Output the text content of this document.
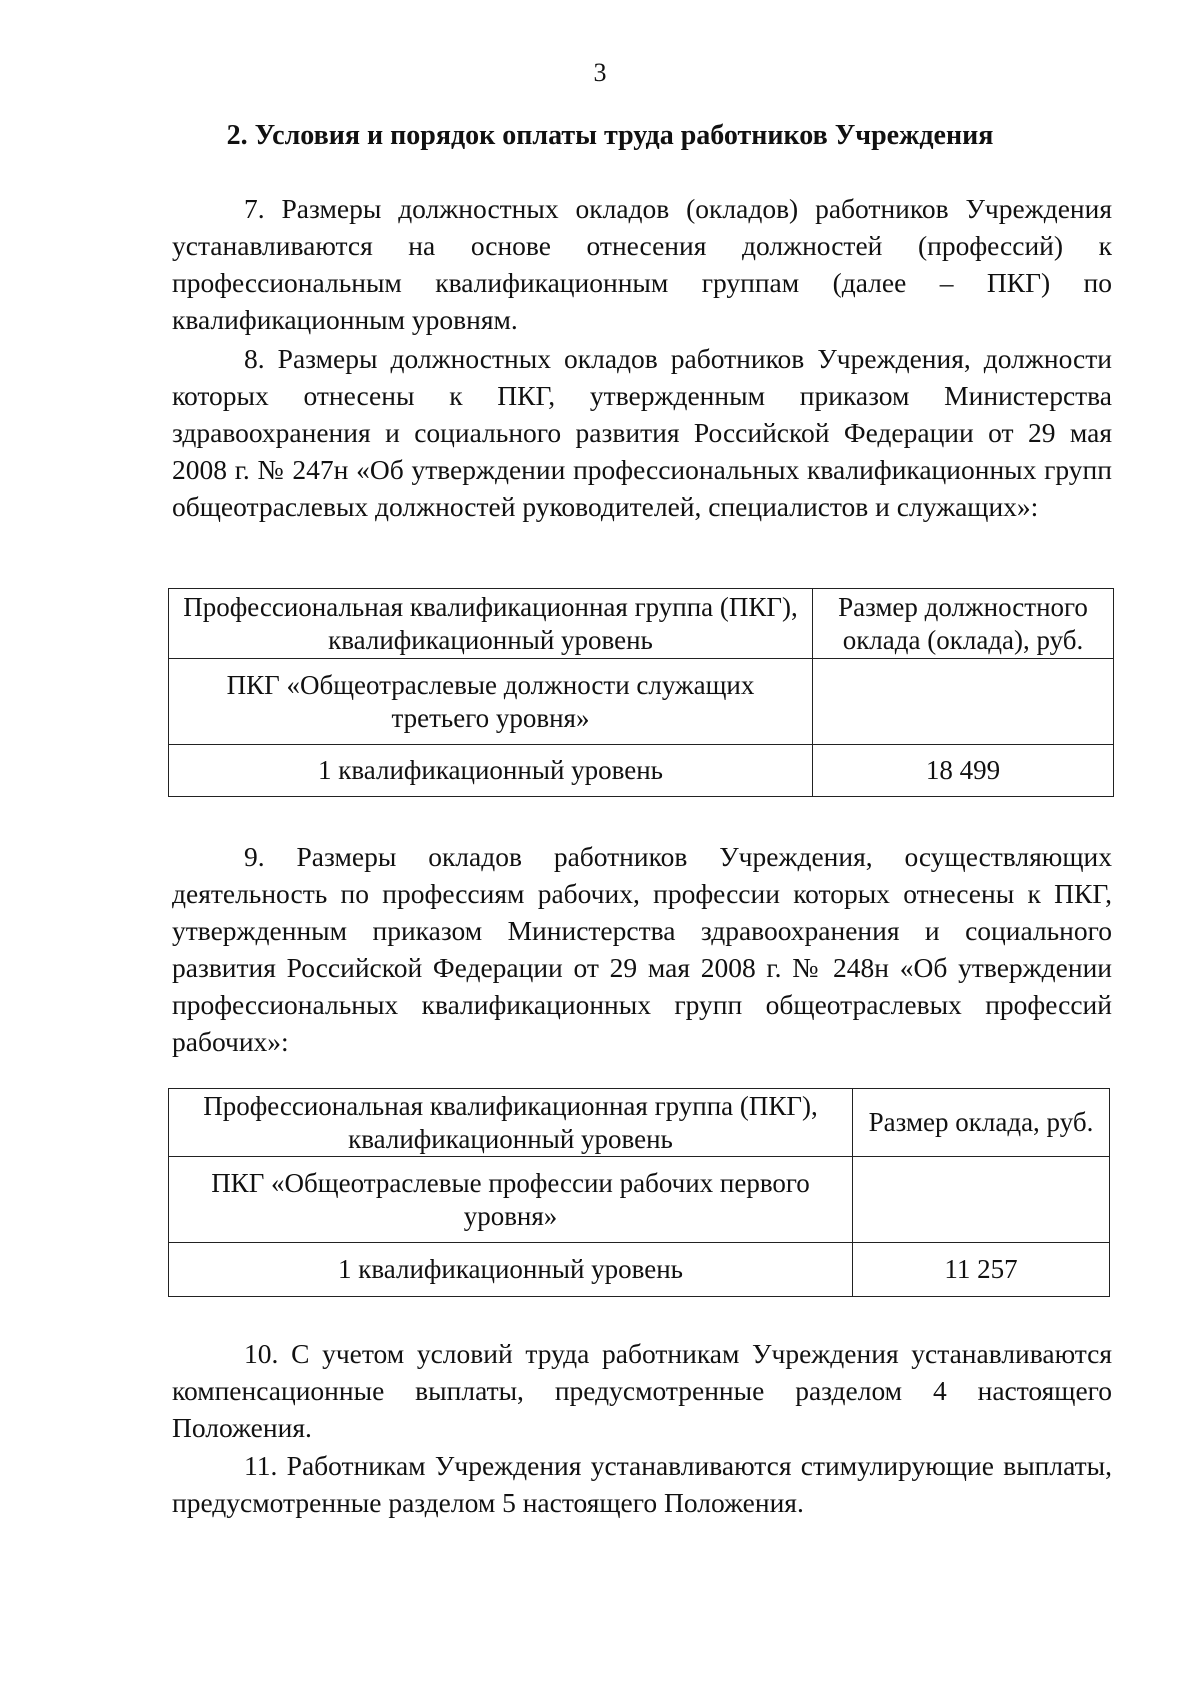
3
2. Условия и порядок оплаты труда работников Учреждения
7. Размеры должностных окладов (окладов) работников Учреждения устанавливаются на основе отнесения должностей (профессий) к профессиональным квалификационным группам (далее – ПКГ) по квалификационным уровням.
8. Размеры должностных окладов работников Учреждения, должности которых отнесены к ПКГ, утвержденным приказом Министерства здравоохранения и социального развития Российской Федерации от 29 мая 2008 г. № 247н «Об утверждении профессиональных квалификационных групп общеотраслевых должностей руководителей, специалистов и служащих»:
Профессиональная квалификационная группа (ПКГ), квалификационный уровень	Размер должностного оклада (оклада), руб.
ПКГ «Общеотраслевые должности служащих третьего уровня»	
1 квалификационный уровень	18 499
9. Размеры окладов работников Учреждения, осуществляющих деятельность по профессиям рабочих, профессии которых отнесены к ПКГ, утвержденным приказом Министерства здравоохранения и социального развития Российской Федерации от 29 мая 2008 г. № 248н «Об утверждении профессиональных квалификационных групп общеотраслевых профессий рабочих»:
Профессиональная квалификационная группа (ПКГ), квалификационный уровень	Размер оклада, руб.
ПКГ «Общеотраслевые профессии рабочих первого уровня»	
1 квалификационный уровень	11 257
10. С учетом условий труда работникам Учреждения устанавливаются компенсационные выплаты, предусмотренные разделом 4 настоящего Положения.
11. Работникам Учреждения устанавливаются стимулирующие выплаты, предусмотренные разделом 5 настоящего Положения.
